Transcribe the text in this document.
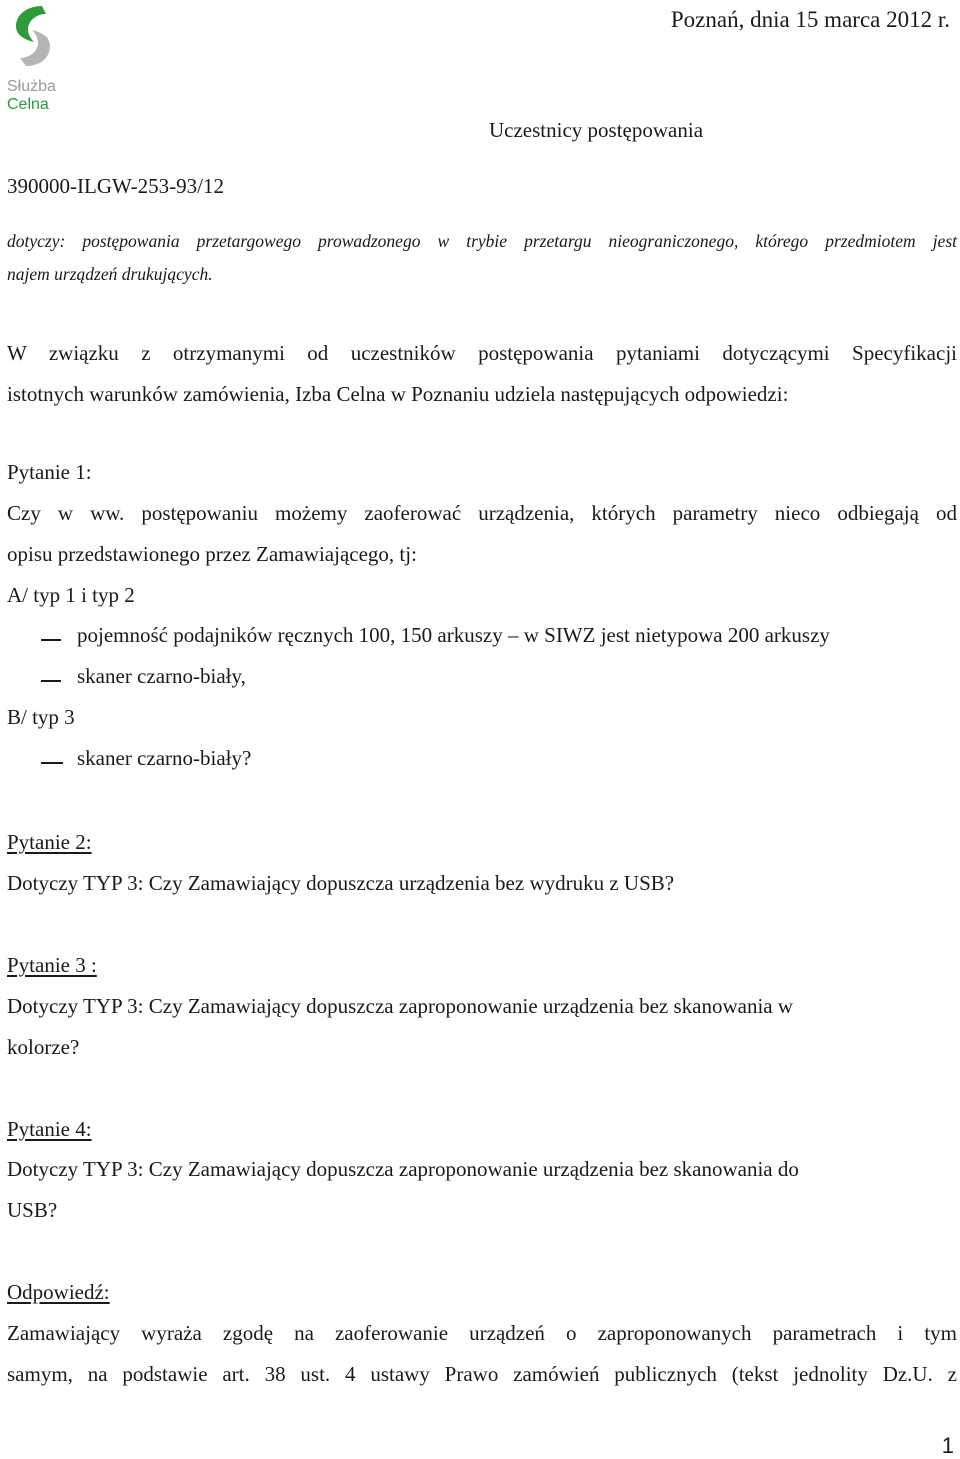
Służba
Celna
Poznań, dnia 15 marca 2012 r.
Uczestnicy postępowania
390000-ILGW-253-93/12
dotyczy: postępowania przetargowego prowadzonego w trybie przetargu nieograniczonego, którego przedmiotem jest
najem urządzeń drukujących.
W związku z otrzymanymi od uczestników postępowania pytaniami dotyczącymi Specyfikacji
istotnych warunków zamówienia, Izba Celna w Poznaniu udziela następujących odpowiedzi:
Pytanie 1:
Czy w ww. postępowaniu możemy zaoferować urządzenia, których parametry nieco odbiegają od
opisu przedstawionego przez Zamawiającego, tj:
A/ typ 1 i typ 2
pojemność podajników ręcznych 100, 150 arkuszy – w SIWZ jest nietypowa 200 arkuszy
skaner czarno-biały,
B/ typ 3
skaner czarno-biały?
Pytanie 2:
Dotyczy TYP 3: Czy Zamawiający dopuszcza urządzenia bez wydruku z USB?
Pytanie 3 :
Dotyczy TYP 3: Czy Zamawiający dopuszcza zaproponowanie urządzenia bez skanowania w
kolorze?
Pytanie 4:
Dotyczy TYP 3: Czy Zamawiający dopuszcza zaproponowanie urządzenia bez skanowania do
USB?
Odpowiedź:
Zamawiający wyraża zgodę na zaoferowanie urządzeń o zaproponowanych parametrach i tym
samym, na podstawie art. 38 ust. 4 ustawy Prawo zamówień publicznych (tekst jednolity Dz.U. z
1
